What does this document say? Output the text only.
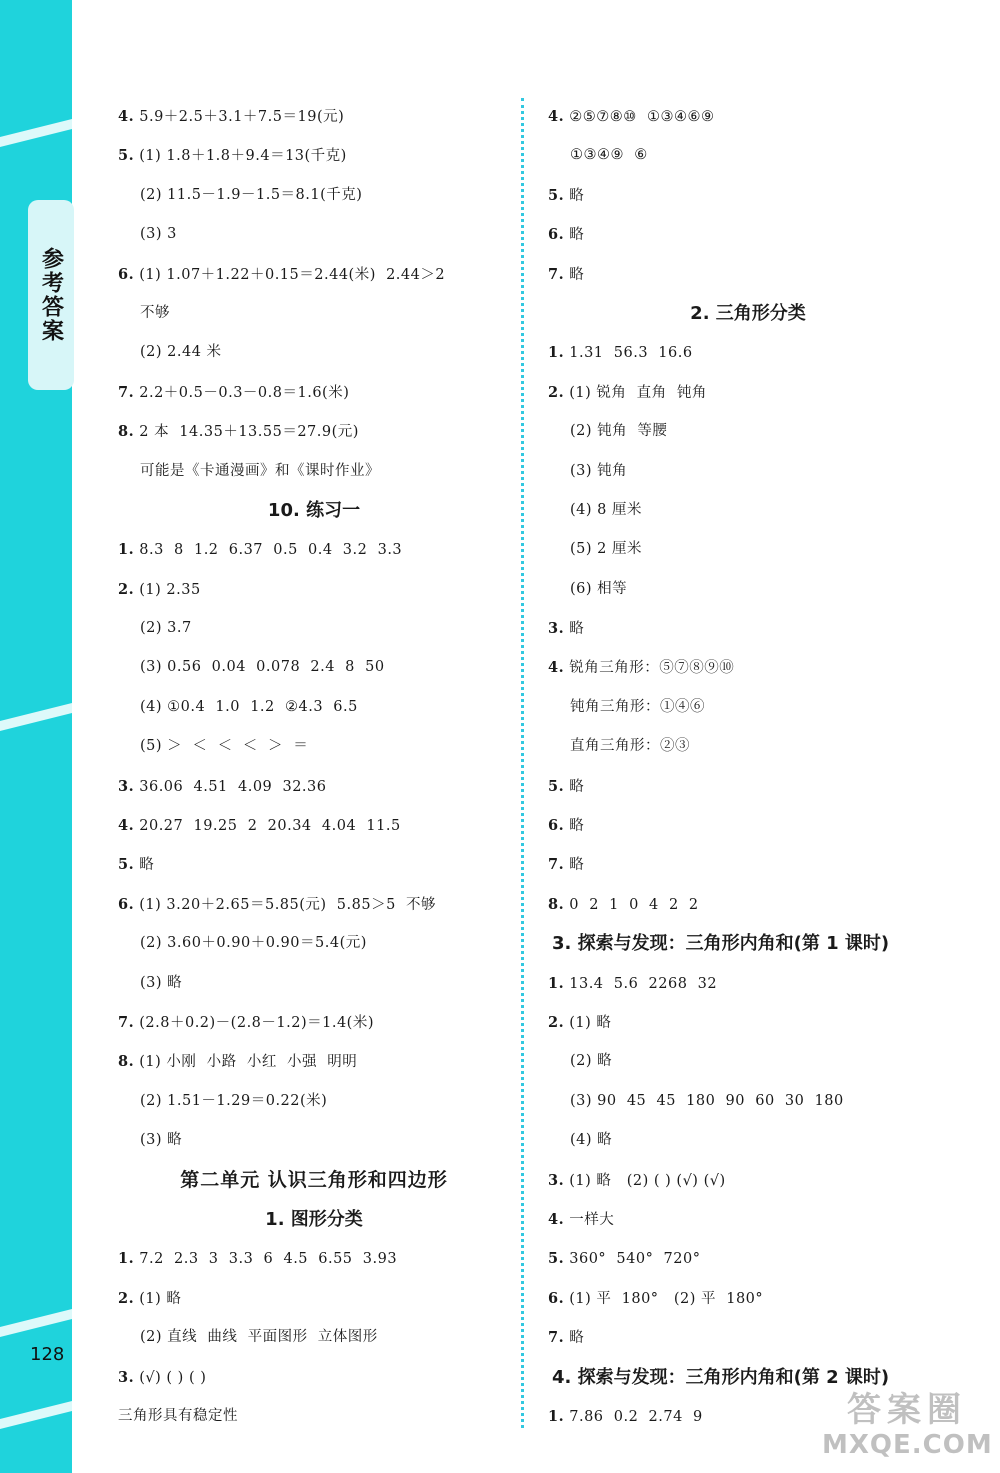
参考答案
128
4. 5.9＋2.5＋3.1＋7.5＝19(元)
5. (1) 1.8＋1.8＋9.4＝13(千克)
(2) 11.5－1.9－1.5＝8.1(千克)
(3) 3
6. (1) 1.07＋1.22＋0.15＝2.44(米)  2.44＞2
不够
(2) 2.44 米
7. 2.2＋0.5－0.3－0.8＝1.6(米)
8. 2 本  14.35＋13.55＝27.9(元)
可能是《卡通漫画》和《课时作业》
10. 练习一
1. 8.3  8  1.2  6.37  0.5  0.4  3.2  3.3
2. (1) 2.35
(2) 3.7
(3) 0.56  0.04  0.078  2.4  8  50
(4) ①0.4  1.0  1.2  ②4.3  6.5
(5) ＞  ＜  ＜  ＜  ＞  ＝
3. 36.06  4.51  4.09  32.36
4. 20.27  19.25  2  20.34  4.04  11.5
5. 略
6. (1) 3.20＋2.65＝5.85(元)  5.85＞5  不够
(2) 3.60＋0.90＋0.90＝5.4(元)
(3) 略
7. (2.8＋0.2)－(2.8－1.2)＝1.4(米)
8. (1) 小刚  小路  小红  小强  明明
(2) 1.51－1.29＝0.22(米)
(3) 略
第二单元 认识三角形和四边形
1. 图形分类
1. 7.2  2.3  3  3.3  6  4.5  6.55  3.93
2. (1) 略
(2) 直线  曲线  平面图形  立体图形
3. (√) ( ) ( )
三角形具有稳定性
4. ②⑤⑦⑧⑩  ①③④⑥⑨
①③④⑨  ⑥
5. 略
6. 略
7. 略
2. 三角形分类
1. 1.31  56.3  16.6
2. (1) 锐角  直角  钝角
(2) 钝角  等腰
(3) 钝角
(4) 8 厘米
(5) 2 厘米
(6) 相等
3. 略
4. 锐角三角形：⑤⑦⑧⑨⑩
钝角三角形：①④⑥
直角三角形：②③
5. 略
6. 略
7. 略
8. 0  2  1  0  4  2  2
3. 探索与发现：三角形内角和(第 1 课时)
1. 13.4  5.6  2268  32
2. (1) 略
(2) 略
(3) 90  45  45  180  90  60  30  180
(4) 略
3. (1) 略   (2) ( ) (√) (√)
4. 一样大
5. 360°  540°  720°
6. (1) 平  180°   (2) 平  180°
7. 略
4. 探索与发现：三角形内角和(第 2 课时)
1. 7.86  0.2  2.74  9	答案圈
MXQE.COM
